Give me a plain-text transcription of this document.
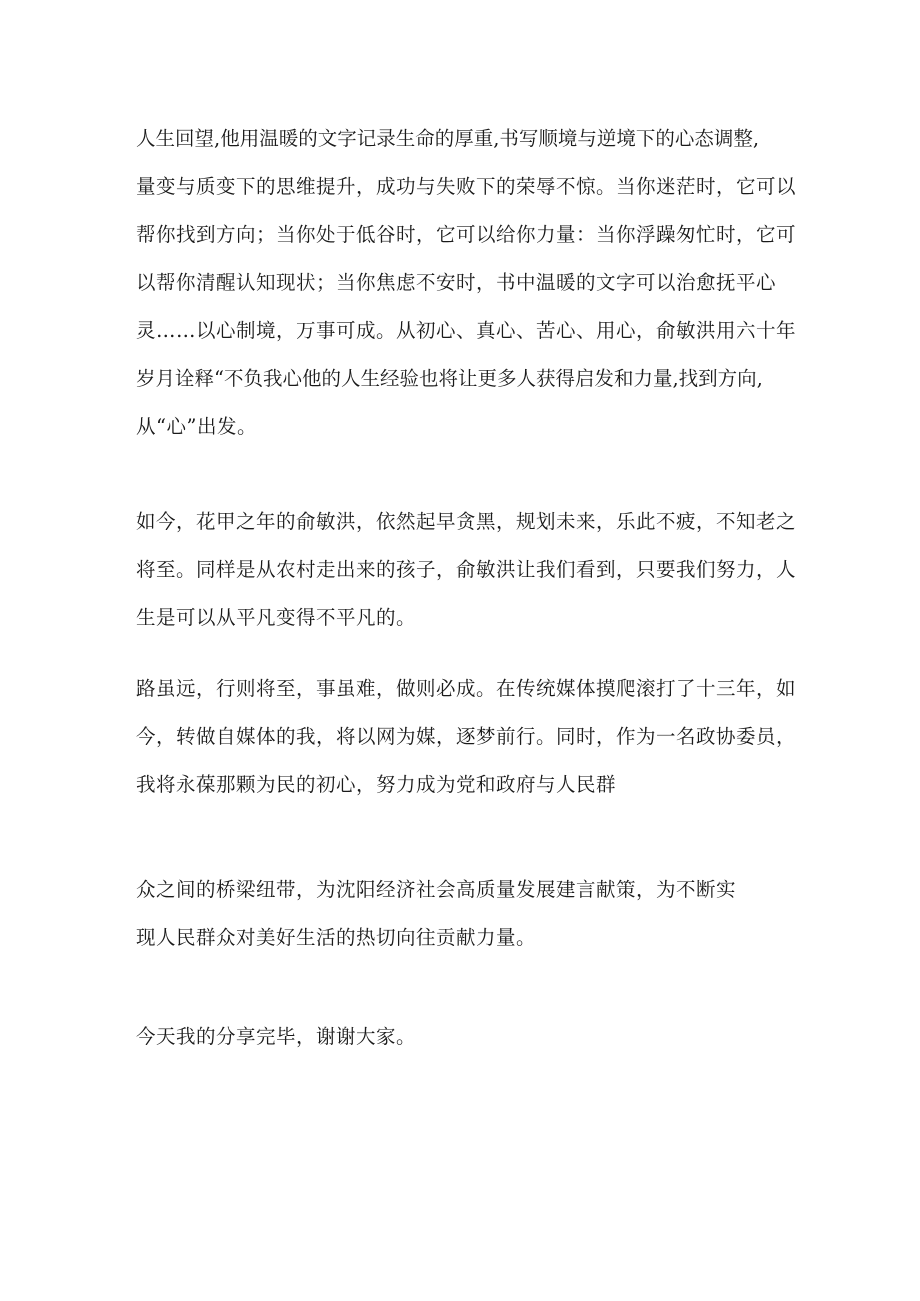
人生回望,他用温暖的文字记录生命的厚重,书写顺境与逆境下的心态调整,
量变与质变下的思维提升，成功与失败下的荣辱不惊。当你迷茫时，它可以
帮你找到方向；当你处于低谷时，它可以给你力量：当你浮躁匆忙时，它可
以帮你清醒认知现状；当你焦虑不安时，书中温暖的文字可以治愈抚平心
灵……以心制境，万事可成。从初心、真心、苦心、用心，俞敏洪用六十年
岁月诠释“不负我心他的人生经验也将让更多人获得启发和力量,找到方向,
从“心”出发。
如今，花甲之年的俞敏洪，依然起早贪黑，规划未来，乐此不疲，不知老之
将至。同样是从农村走出来的孩子，俞敏洪让我们看到，只要我们努力，人
生是可以从平凡变得不平凡的。
路虽远，行则将至，事虽难，做则必成。在传统媒体摸爬滚打了十三年，如
今，转做自媒体的我，将以网为媒，逐梦前行。同时，作为一名政协委员，
我将永葆那颗为民的初心，努力成为党和政府与人民群
众之间的桥梁纽带，为沈阳经济社会高质量发展建言献策，为不断实
现人民群众对美好生活的热切向往贡献力量。
今天我的分享完毕，谢谢大家。
